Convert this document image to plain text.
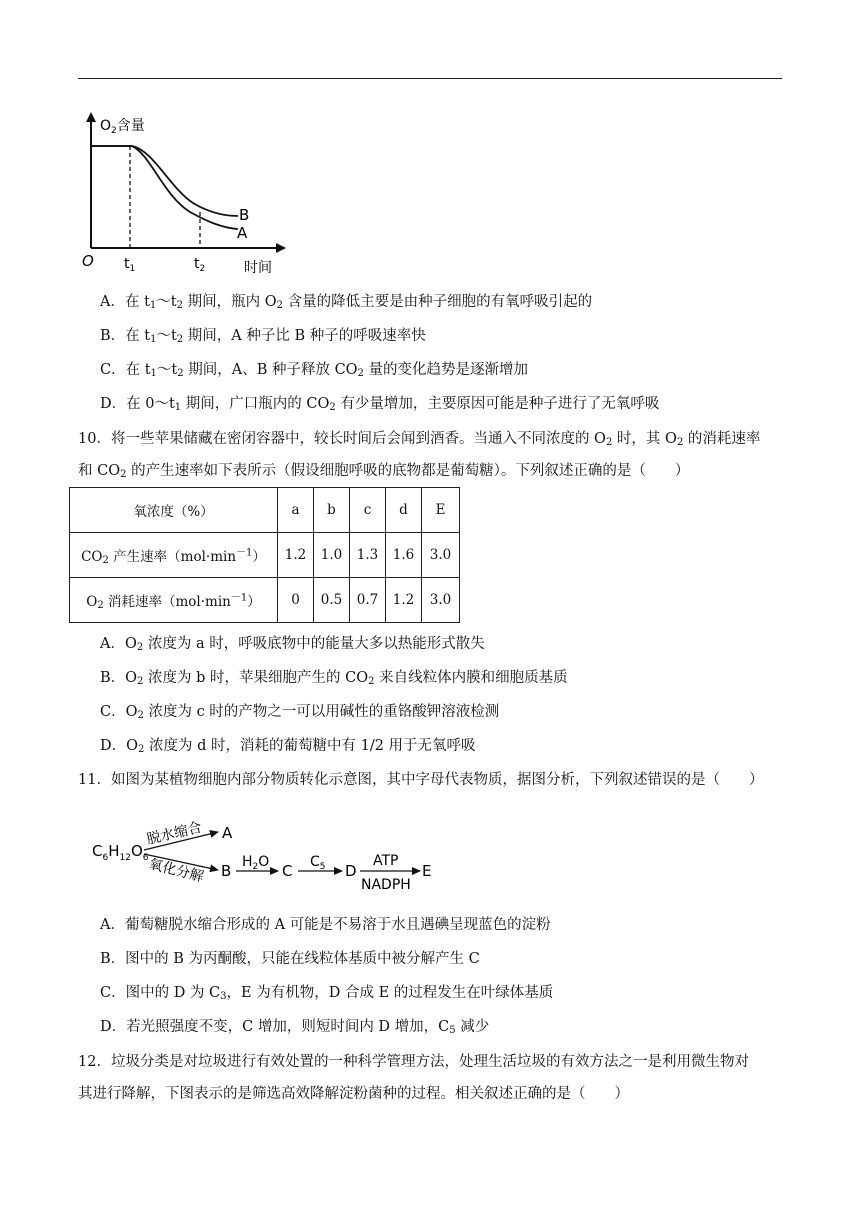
$O_2$含量
B
A
O $t_1$	$t_2$	时间
A．在 $t_1\sim t_2$ 期间，瓶内 $O_2$ 含量的降低主要是由种子细胞的有氧呼吸引起的
B．在 $t_1\sim t_2$ 期间，A 种子比 B 种子的呼吸速率快
C．在 $t_1\sim t_2$ 期间，A、B 种子释放 $CO_2$ 量的变化趋势是逐渐增加
D．在 $0\sim t_1$ 期间，广口瓶内的 $CO_2$ 有少量增加，主要原因可能是种子进行了无氧呼吸
10．将一些苹果储藏在密闭容器中，较长时间后会闻到酒香。当通入不同浓度的 $O_2$ 时，其 $O_2$ 的消耗速率
和 $CO_2$ 的产生速率如下表所示（假设细胞呼吸的底物都是葡萄糖）。下列叙述正确的是（　　）
氧浓度（%）	a	b	c	d	E
$CO_2$ 产生速率$(mol\cdot\min^{-1})$	1.2	1.0	1.3	1.6	3.0
$O_2$ 消耗速率$(mol\cdot\min^{-1})$	0	0.5	0.7	1.2	3.0
A．$O_2$ 浓度为 a 时，呼吸底物中的能量大多以热能形式散失
B．$O_2$ 浓度为 b 时，苹果细胞产生的 $CO_2$ 来自线粒体内膜和细胞质基质
C．$O_2$ 浓度为 c 时的产物之一可以用碱性的重铬酸钾溶液检测
D．$O_2$ 浓度为 d 时，消耗的葡萄糖中有 1/2 用于无氧呼吸
11．如图为某植物细胞内部分物质转化示意图，其中字母代表物质，据图分析，下列叙述错误的是（　　）
$C_6H_{12}O_6$
脱水缩合 A
氧化分解 B $H_2O$ C $C_5$ D
ATP
NADPH
E
A．葡萄糖脱水缩合形成的 A 可能是不易溶于水且遇碘呈现蓝色的淀粉
B．图中的 B 为丙酮酸，只能在线粒体基质中被分解产生 C
C．图中的 D 为 $C_3$，E 为有机物，D 合成 E 的过程发生在叶绿体基质
D．若光照强度不变，C 增加，则短时间内 D 增加，$C_5$ 减少
12．垃圾分类是对垃圾进行有效处置的一种科学管理方法，处理生活垃圾的有效方法之一是利用微生物对
其进行降解，下图表示的是筛选高效降解淀粉菌种的过程。相关叙述正确的是（　　）
